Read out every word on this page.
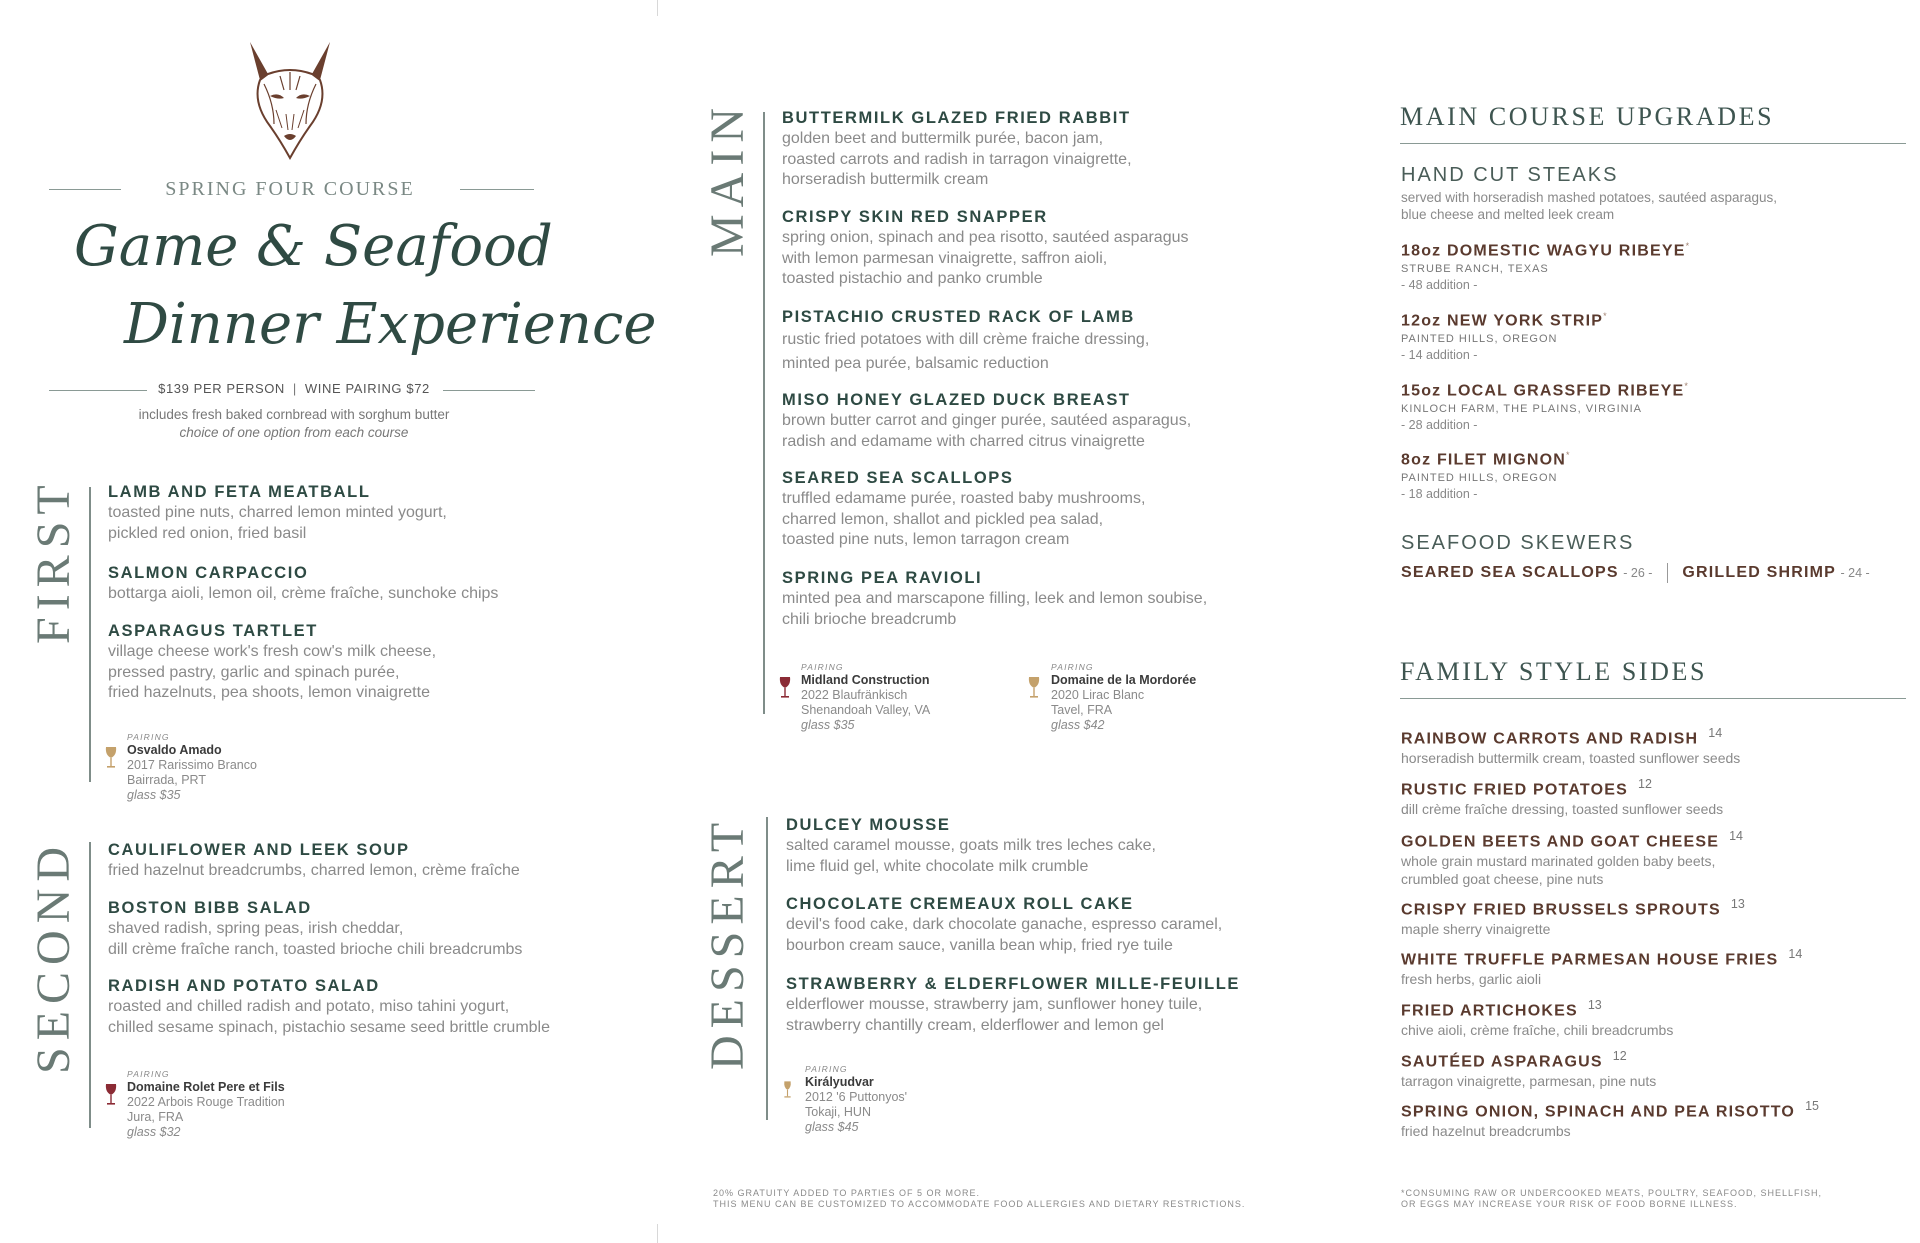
SPRING FOUR COURSE
Game & Seafood
Dinner Experience
$139 PER PERSON | WINE PAIRING $72
includes fresh baked cornbread with sorghum butter
choice of one option from each course
FIRST LAMB AND FETA MEATBALL
toasted pine nuts, charred lemon minted yogurt,
pickled red onion, fried basil
SALMON CARPACCIO
bottarga aioli, lemon oil, crème fraîche, sunchoke chips
ASPARAGUS TARTLET
village cheese work's fresh cow's milk cheese,
pressed pastry, garlic and spinach purée,
fried hazelnuts, pea shoots, lemon vinaigrette
PAIRING
Osvaldo Amado
2017 Rarissimo Branco
Bairrada, PRT
glass $35
SECOND CAULIFLOWER AND LEEK SOUP
fried hazelnut breadcrumbs, charred lemon, crème fraîche
BOSTON BIBB SALAD
shaved radish, spring peas, irish cheddar,
dill crème fraîche ranch, toasted brioche chili breadcrumbs
RADISH AND POTATO SALAD
roasted and chilled radish and potato, miso tahini yogurt,
chilled sesame spinach, pistachio sesame seed brittle crumble
PAIRING
Domaine Rolet Pere et Fils
2022 Arbois Rouge Tradition
Jura, FRA
glass $32
MAIN BUTTERMILK GLAZED FRIED RABBIT
golden beet and buttermilk purée, bacon jam,
roasted carrots and radish in tarragon vinaigrette,
horseradish buttermilk cream
CRISPY SKIN RED SNAPPER
spring onion, spinach and pea risotto, sautéed asparagus
with lemon parmesan vinaigrette, saffron aioli,
toasted pistachio and panko crumble
PISTACHIO CRUSTED RACK OF LAMB
rustic fried potatoes with dill crème fraiche dressing,
minted pea purée, balsamic reduction
MISO HONEY GLAZED DUCK BREAST
brown butter carrot and ginger purée, sautéed asparagus,
radish and edamame with charred citrus vinaigrette
SEARED SEA SCALLOPS
truffled edamame purée, roasted baby mushrooms,
charred lemon, shallot and pickled pea salad,
toasted pine nuts, lemon tarragon cream
SPRING PEA RAVIOLI
minted pea and marscapone filling, leek and lemon soubise,
chili brioche breadcrumb
PAIRING
Midland Construction
2022 Blaufränkisch
Shenandoah Valley, VA
glass $35
PAIRING
Domaine de la Mordorée
2020 Lirac Blanc
Tavel, FRA
glass $42
DESSERT DULCEY MOUSSE
salted caramel mousse, goats milk tres leches cake,
lime fluid gel, white chocolate milk crumble
CHOCOLATE CREMEAUX ROLL CAKE
devil's food cake, dark chocolate ganache, espresso caramel,
bourbon cream sauce, vanilla bean whip, fried rye tuile
STRAWBERRY & ELDERFLOWER MILLE-FEUILLE
elderflower mousse, strawberry jam, sunflower honey tuile,
strawberry chantilly cream, elderflower and lemon gel
PAIRING
Királyudvar
2012 '6 Puttonyos'
Tokaji, HUN
glass $45
20% GRATUITY ADDED TO PARTIES OF 5 OR MORE.
THIS MENU CAN BE CUSTOMIZED TO ACCOMMODATE FOOD ALLERGIES AND DIETARY RESTRICTIONS.
MAIN COURSE UPGRADES
HAND CUT STEAKS
served with horseradish mashed potatoes, sautéed asparagus,
blue cheese and melted leek cream
18oz DOMESTIC WAGYU RIBEYE*
STRUBE RANCH, TEXAS
- 48 addition -
12oz NEW YORK STRIP*
PAINTED HILLS, OREGON
- 14 addition -
15oz LOCAL GRASSFED RIBEYE*
KINLOCH FARM, THE PLAINS, VIRGINIA
- 28 addition -
8oz FILET MIGNON*
PAINTED HILLS, OREGON
- 18 addition -
SEAFOOD SKEWERS
SEARED SEA SCALLOPS - 26 - GRILLED SHRIMP - 24 -
FAMILY STYLE SIDES
RAINBOW CARROTS AND RADISH $^{14}$
horseradish buttermilk cream, toasted sunflower seeds
RUSTIC FRIED POTATOES $^{12}$
dill crème fraîche dressing, toasted sunflower seeds
GOLDEN BEETS AND GOAT CHEESE $^{14}$
whole grain mustard marinated golden baby beets,
crumbled goat cheese, pine nuts
CRISPY FRIED BRUSSELS SPROUTS $^{13}$
maple sherry vinaigrette
WHITE TRUFFLE PARMESAN HOUSE FRIES $^{14}$
fresh herbs, garlic aioli
FRIED ARTICHOKES $^{13}$
chive aioli, crème fraîche, chili breadcrumbs
SAUTÉED ASPARAGUS $^{12}$
tarragon vinaigrette, parmesan, pine nuts
SPRING ONION, SPINACH AND PEA RISOTTO $^{15}$
fried hazelnut breadcrumbs
*CONSUMING RAW OR UNDERCOOKED MEATS, POULTRY, SEAFOOD, SHELLFISH,
OR EGGS MAY INCREASE YOUR RISK OF FOOD BORNE ILLNESS.
